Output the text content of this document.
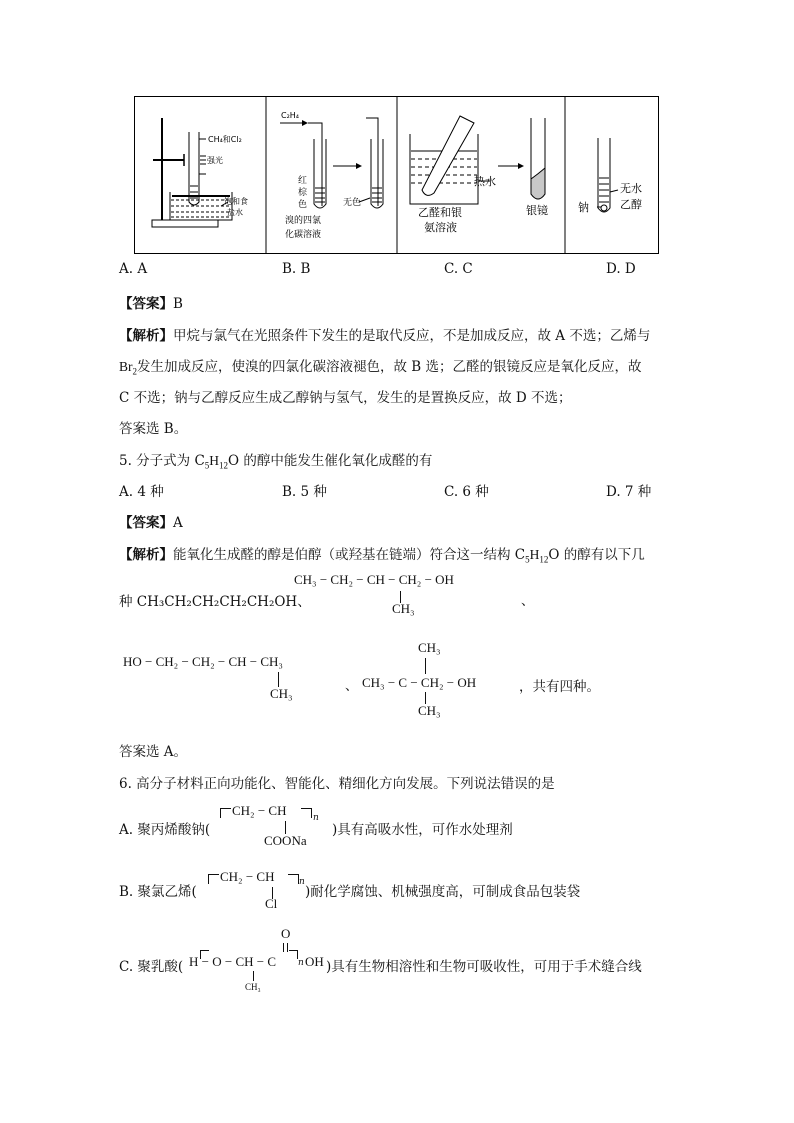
CH₄和Cl₂
强光
饱和食
盐水
C₂H₄
红
棕
色
溴的四氯
化碳溶液
无色
热水
乙醛和银
氨溶液
银镜
无水
乙醇
钠
A. A	B. B	C. C	D. D
【答案】B
【解析】甲烷与氯气在光照条件下发生的是取代反应，不是加成反应，故 A 不选；乙烯与
$Br_2$发生加成反应，使溴的四氯化碳溶液褪色，故 B 选；乙醛的银镜反应是氧化反应，故
C 不选；钠与乙醇反应生成乙醇钠与氢气，发生的是置换反应，故 D 不选；
答案选 B。
5. 分子式为 $C_5H_{12}O$ 的醇中能发生催化氧化成醛的有
A. 4 种	B. 5 种	C. 6 种	D. 7 种
【答案】A
【解析】能氧化生成醛的醇是伯醇（或羟基在链端）符合这一结构 $C_5H_{12}O$ 的醇有以下几
种 CH₃CH₂CH₂CH₂CH₂OH、
CH₃ − CH₂ − CH − CH₂ − OH
CH₃
、
HO − CH₂ − CH₂ − CH − CH₃
CH₃
、
CH₃
CH₃ − C − CH₂ − OH
CH₃
，共有四种。
答案选 A。
6. 高分子材料正向功能化、智能化、精细化方向发展。下列说法错误的是
A. 聚丙烯酸钠(
CH₂ − CH	n
COONa
)具有高吸水性，可作水处理剂
B. 聚氯乙烯(
CH₂ − CH	n
Cl
)耐化学腐蚀、机械强度高，可制成食品包装袋
C. 聚乳酸(
O
H − O − CH − C n OH
CH₃
)具有生物相溶性和生物可吸收性，可用于手术缝合线
